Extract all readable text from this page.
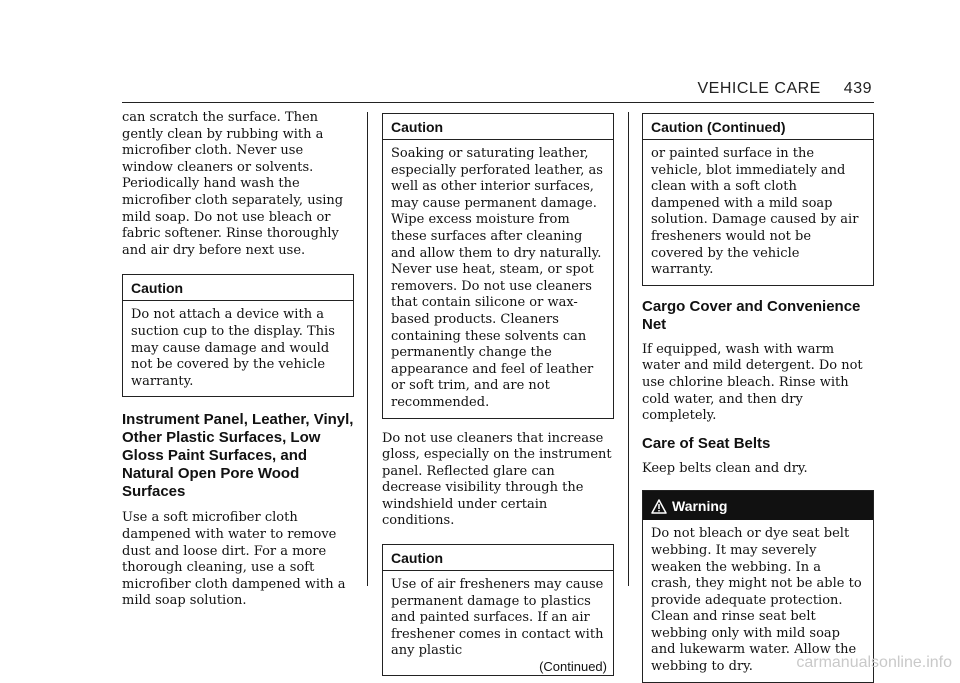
VEHICLE CARE 439

can scratch the surface. Then gently clean by rubbing with a microfiber cloth. Never use window cleaners or solvents. Periodically hand wash the microfiber cloth separately, using mild soap. Do not use bleach or fabric softener. Rinse thoroughly and air dry before next use.

Caution
Do not attach a device with a suction cup to the display. This may cause damage and would not be covered by the vehicle warranty.
Instrument Panel, Leather, Vinyl, Other Plastic Surfaces, Low Gloss Paint Surfaces, and Natural Open Pore Wood Surfaces

Use a soft microfiber cloth dampened with water to remove dust and loose dirt. For a more thorough cleaning, use a soft microfiber cloth dampened with a mild soap solution.

Caution
Soaking or saturating leather, especially perforated leather, as well as other interior surfaces, may cause permanent damage. Wipe excess moisture from these surfaces after cleaning and allow them to dry naturally. Never use heat, steam, or spot removers. Do not use cleaners that contain silicone or wax-based products. Cleaners containing these solvents can permanently change the appearance and feel of leather or soft trim, and are not recommended.

Do not use cleaners that increase gloss, especially on the instrument panel. Reflected glare can decrease visibility through the windshield under certain conditions.

Caution
Use of air fresheners may cause permanent damage to plastics and painted surfaces. If an air freshener comes in contact with any plastic
(Continued)
Caution (Continued)
or painted surface in the vehicle, blot immediately and clean with a soft cloth dampened with a mild soap solution. Damage caused by air fresheners would not be covered by the vehicle warranty.
Cargo Cover and Convenience Net

If equipped, wash with warm water and mild detergent. Do not use chlorine bleach. Rinse with cold water, and then dry completely.

Care of Seat Belts

Keep belts clean and dry.

Warning
Do not bleach or dye seat belt webbing. It may severely weaken the webbing. In a crash, they might not be able to provide adequate protection. Clean and rinse seat belt webbing only with mild soap and lukewarm water. Allow the webbing to dry.	carmanualsonline.info
